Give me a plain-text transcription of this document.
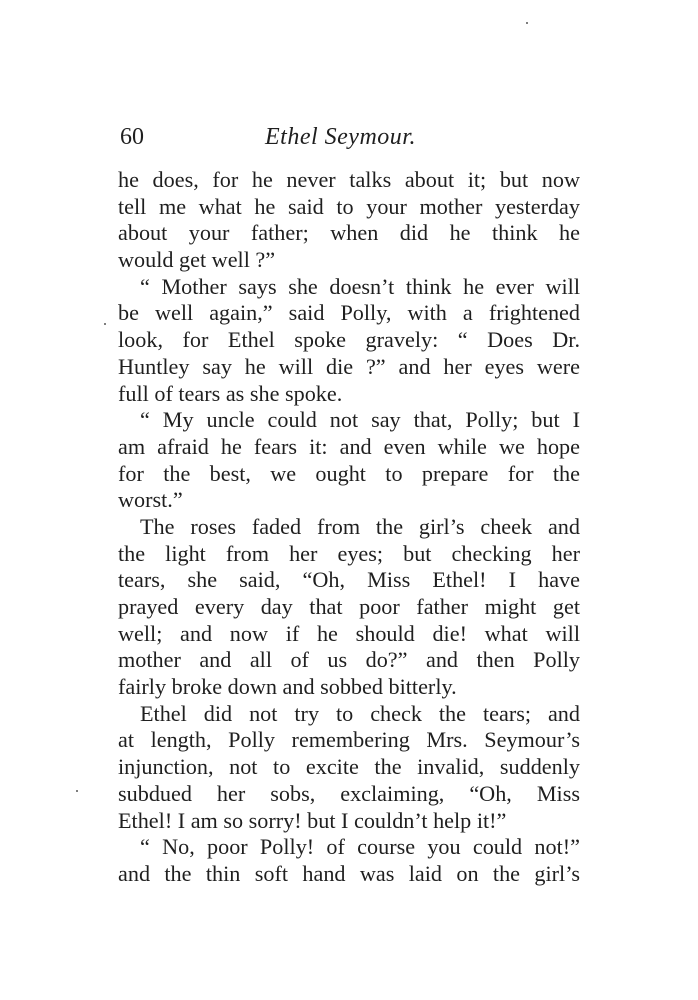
60	Ethel Seymour.
he does, for he never talks about it; but now
tell me what he said to your mother yesterday
about your father; when did he think he
would get well ?”
“ Mother says she doesn’t think he ever will
be well again,” said Polly, with a frightened
look, for Ethel spoke gravely: “ Does Dr.
Huntley say he will die ?” and her eyes were
full of tears as she spoke.
“ My uncle could not say that, Polly; but I
am afraid he fears it: and even while we hope
for the best, we ought to prepare for the
worst.”
The roses faded from the girl’s cheek and
the light from her eyes; but checking her
tears, she said, “Oh, Miss Ethel! I have
prayed every day that poor father might get
well; and now if he should die! what will
mother and all of us do?” and then Polly
fairly broke down and sobbed bitterly.
Ethel did not try to check the tears; and
at length, Polly remembering Mrs. Seymour’s
injunction, not to excite the invalid, suddenly
subdued her sobs, exclaiming, “Oh, Miss
Ethel! I am so sorry! but I couldn’t help it!”
“ No, poor Polly! of course you could not!”
and the thin soft hand was laid on the girl’s
